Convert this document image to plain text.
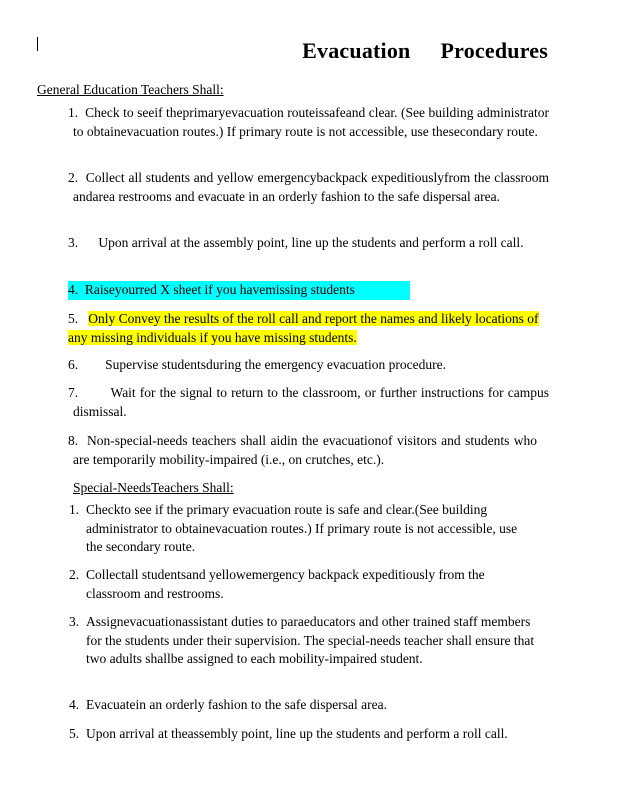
Evacuation Procedures
General Education Teachers Shall:
1. Check to seeif theprimaryevacuation routeissafeand clear. (See building administrator to obtainevacuation routes.) If primary route is not accessible, use thesecondary route.
2. Collect all students and yellow emergencybackpack expeditiouslyfrom the classroom andarea restrooms and evacuate in an orderly fashion to the safe dispersal area.
3. Upon arrival at the assembly point, line up the students and perform a roll call.
4. Raiseyourred X sheet if you havemissing students
5. Only Convey the results of the roll call and report the names and likely locations of any missing individuals if you have missing students.
6. Supervise studentsduring the emergency evacuation procedure.
7. Wait for the signal to return to the classroom, or further instructions for campus dismissal.
8. Non-special-needs teachers shall aidin the evacuationof visitors and students who are temporarily mobility-impaired (i.e., on crutches, etc.).
Special-NeedsTeachers Shall:
1. Checkto see if the primary evacuation route is safe and clear.(See building administrator to obtainevacuation routes.) If primary route is not accessible, use the secondary route.
2. Collectall studentsand yellowemergency backpack expeditiously from the classroom and restrooms.
3. Assignevacuationassistant duties to paraeducators and other trained staff members for the students under their supervision. The special-needs teacher shall ensure that two adults shallbe assigned to each mobility-impaired student.
4. Evacuatein an orderly fashion to the safe dispersal area.
5. Upon arrival at theassembly point, line up the students and perform a roll call.
